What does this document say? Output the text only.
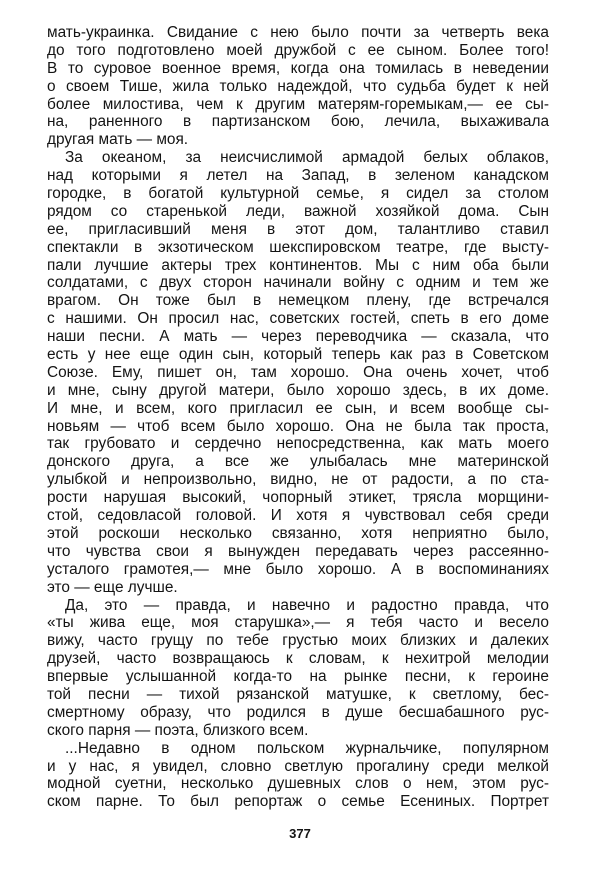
мать-украинка. Свидание с нею было почти за четверть века
до того подготовлено моей дружбой с ее сыном. Более того!
В то суровое военное время, когда она томилась в неведении
о своем Тише, жила только надеждой, что судьба будет к ней
более милостива, чем к другим матерям-горемыкам,— ее сы-
на, раненного в партизанском бою, лечила, выхаживала
другая мать — моя.
За океаном, за неисчислимой армадой белых облаков,
над которыми я летел на Запад, в зеленом канадском
городке, в богатой культурной семье, я сидел за столом
рядом со старенькой леди, важной хозяйкой дома. Сын
ее, пригласивший меня в этот дом, талантливо ставил
спектакли в экзотическом шекспировском театре, где высту-
пали лучшие актеры трех континентов. Мы с ним оба были
солдатами, с двух сторон начинали войну с одним и тем же
врагом. Он тоже был в немецком плену, где встречался
с нашими. Он просил нас, советских гостей, спеть в его доме
наши песни. А мать — через переводчика — сказала, что
есть у нее еще один сын, который теперь как раз в Советском
Союзе. Ему, пишет он, там хорошо. Она очень хочет, чтоб
и мне, сыну другой матери, было хорошо здесь, в их доме.
И мне, и всем, кого пригласил ее сын, и всем вообще сы-
новьям — чтоб всем было хорошо. Она не была так проста,
так грубовато и сердечно непосредственна, как мать моего
донского друга, а все же улыбалась мне материнской
улыбкой и непроизвольно, видно, не от радости, а по ста-
рости нарушая высокий, чопорный этикет, трясла морщини-
стой, седовласой головой. И хотя я чувствовал себя среди
этой роскоши несколько связанно, хотя неприятно было,
что чувства свои я вынужден передавать через рассеянно-
усталого грамотея,— мне было хорошо. А в воспоминаниях
это — еще лучше.
Да, это — правда, и навечно и радостно правда, что
«ты жива еще, моя старушка»,— я тебя часто и весело
вижу, часто грущу по тебе грустью моих близких и далеких
друзей, часто возвращаюсь к словам, к нехитрой мелодии
впервые услышанной когда-то на рынке песни, к героине
той песни — тихой рязанской матушке, к светлому, бес-
смертному образу, что родился в душе бесшабашного рус-
ского парня — поэта, близкого всем.
...Недавно в одном польском журнальчике, популярном
и у нас, я увидел, словно светлую прогалину среди мелкой
модной суетни, несколько душевных слов о нем, этом рус-
ском парне. То был репортаж о семье Есениных. Портрет
377
